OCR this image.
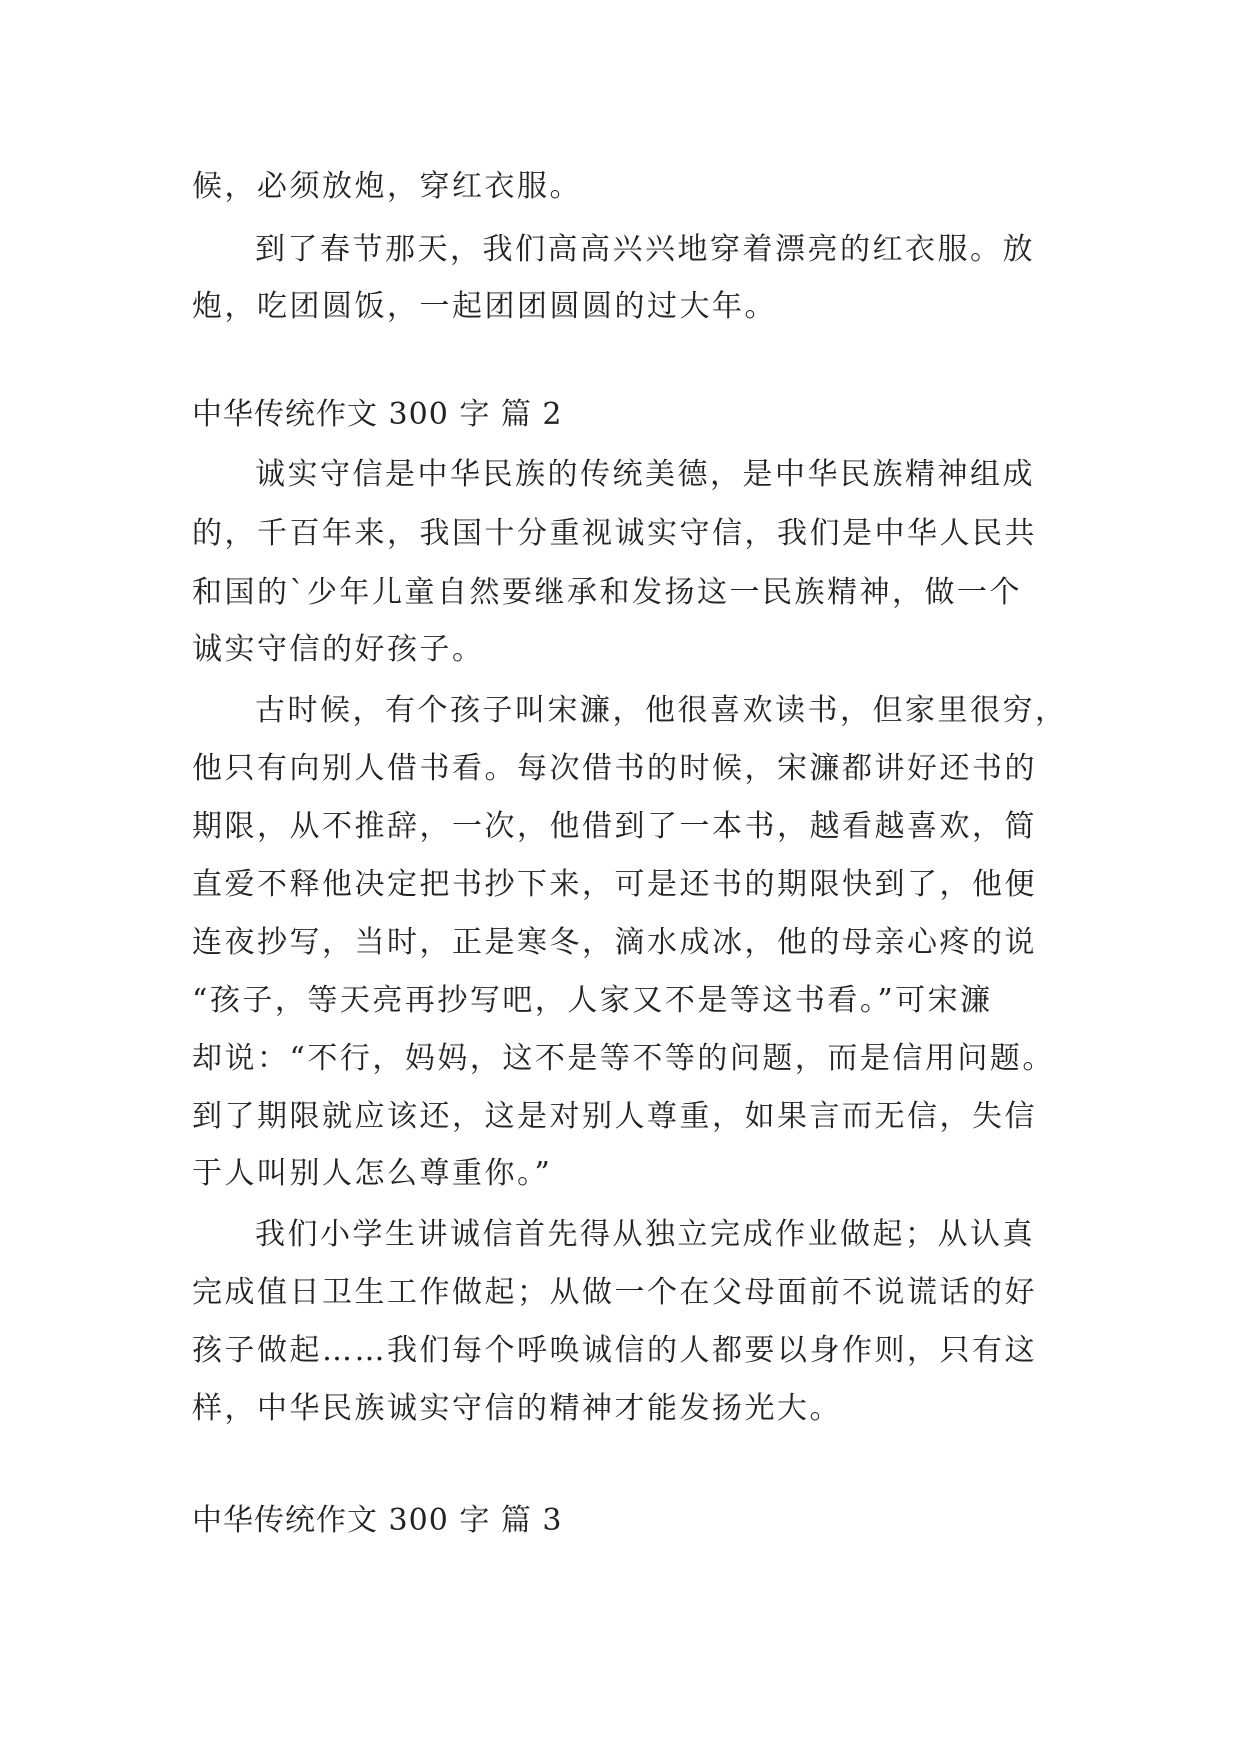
候，必须放炮，穿红衣服。
到了春节那天，我们高高兴兴地穿着漂亮的红衣服。放
炮，吃团圆饭，一起团团圆圆的过大年。
中华传统作文 300 字 篇 2
诚实守信是中华民族的传统美德，是中华民族精神组成
的，千百年来，我国十分重视诚实守信，我们是中华人民共
和国的`少年儿童自然要继承和发扬这一民族精神，做一个
诚实守信的好孩子。
古时候，有个孩子叫宋濂，他很喜欢读书，但家里很穷，
他只有向别人借书看。每次借书的时候，宋濂都讲好还书的
期限，从不推辞，一次，他借到了一本书，越看越喜欢，简
直爱不释他决定把书抄下来，可是还书的期限快到了，他便
连夜抄写，当时，正是寒冬，滴水成冰，他的母亲心疼的说
“孩子，等天亮再抄写吧，人家又不是等这书看。”可宋濂
却说：“不行，妈妈，这不是等不等的问题，而是信用问题。
到了期限就应该还，这是对别人尊重，如果言而无信，失信
于人叫别人怎么尊重你。”
我们小学生讲诚信首先得从独立完成作业做起；从认真
完成值日卫生工作做起；从做一个在父母面前不说谎话的好
孩子做起……我们每个呼唤诚信的人都要以身作则，只有这
样，中华民族诚实守信的精神才能发扬光大。
中华传统作文 300 字 篇 3
